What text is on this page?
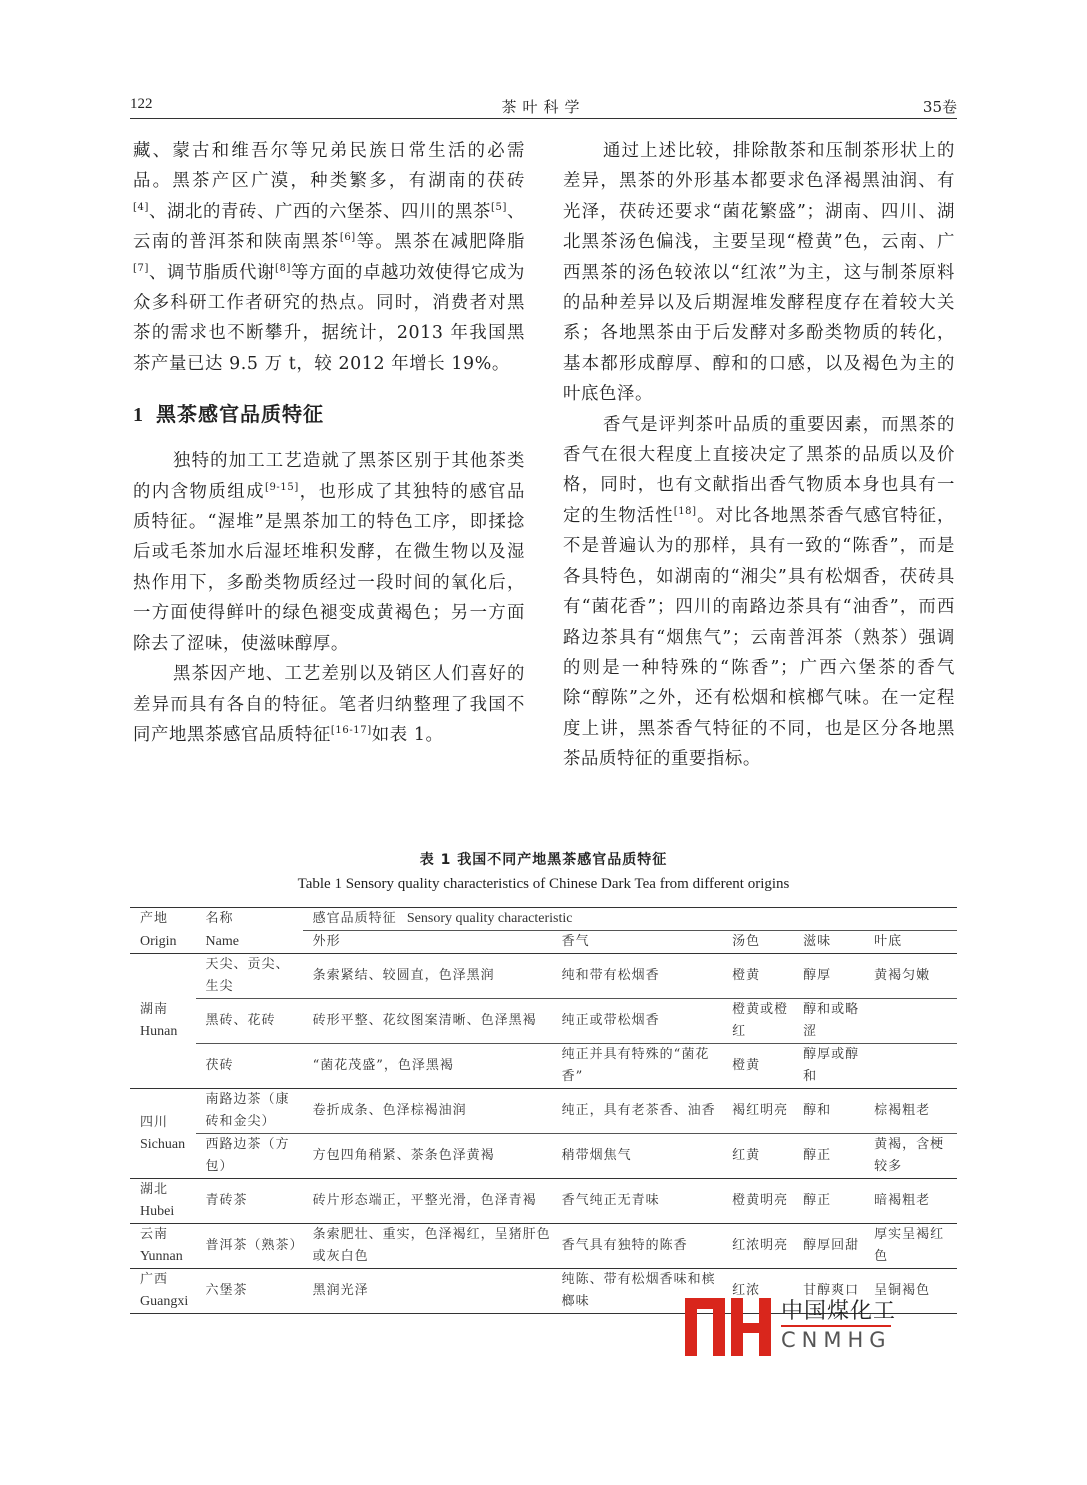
122	茶叶科学	35卷

藏、蒙古和维吾尔等兄弟民族日常生活的必需品。黑茶产区广漠，种类繁多，有湖南的茯砖[4]、湖北的青砖、广西的六堡茶、四川的黑茶[5]、云南的普洱茶和陕南黑茶[6]等。黑茶在减肥降脂[7]、调节脂质代谢[8]等方面的卓越功效使得它成为众多科研工作者研究的热点。同时，消费者对黑茶的需求也不断攀升，据统计，2013 年我国黑茶产量已达 9.5 万 t，较 2012 年增长 19%。

1 黑茶感官品质特征

独特的加工工艺造就了黑茶区别于其他茶类的内含物质组成[9-15]，也形成了其独特的感官品质特征。“渥堆”是黑茶加工的特色工序，即揉捻后或毛茶加水后湿坯堆积发酵，在微生物以及湿热作用下，多酚类物质经过一段时间的氧化后，一方面使得鲜叶的绿色褪变成黄褐色；另一方面除去了涩味，使滋味醇厚。

黑茶因产地、工艺差别以及销区人们喜好的差异而具有各自的特征。笔者归纳整理了我国不同产地黑茶感官品质特征[16-17]如表 1。

通过上述比较，排除散茶和压制茶形状上的差异，黑茶的外形基本都要求色泽褐黑油润、有光泽，茯砖还要求“菌花繁盛”；湖南、四川、湖北黑茶汤色偏浅，主要呈现“橙黄”色，云南、广西黑茶的汤色较浓以“红浓”为主，这与制茶原料的品种差异以及后期渥堆发酵程度存在着较大关系；各地黑茶由于后发酵对多酚类物质的转化，基本都形成醇厚、醇和的口感，以及褐色为主的叶底色泽。

香气是评判茶叶品质的重要因素，而黑茶的香气在很大程度上直接决定了黑茶的品质以及价格，同时，也有文献指出香气物质本身也具有一定的生物活性[18]。对比各地黑茶香气感官特征，不是普遍认为的那样，具有一致的“陈香”，而是各具特色，如湖南的“湘尖”具有松烟香，茯砖具有“菌花香”；四川的南路边茶具有“油香”，而西路边茶具有“烟焦气”；云南普洱茶（熟茶）强调的则是一种特殊的“陈香”；广西六堡茶的香气除“醇陈”之外，还有松烟和槟榔气味。在一定程度上讲，黑茶香气特征的不同，也是区分各地黑茶品质特征的重要指标。

表 1 我国不同产地黑茶感官品质特征
Table 1 Sensory quality characteristics of Chinese Dark Tea from different origins
产地	名称	感官品质特征 Sensory quality characteristic				
Origin	Name	外形	香气	汤色	滋味	叶底

湖南
Hunan	天尖、贡尖、生尖	条索紧结、较圆直，色泽黑润	纯和带有松烟香	橙黄	醇厚	黄褐匀嫩
	黑砖、花砖	砖形平整、花纹图案清晰、色泽黑褐	纯正或带松烟香	橙黄或橙红	醇和或略涩	
	茯砖	“菌花茂盛”，色泽黑褐	纯正并具有特殊的“菌花香”	橙黄	醇厚或醇和	

四川
Sichuan	南路边茶（康砖和金尖）	卷折成条、色泽棕褐油润	纯正，具有老茶香、油香	褐红明亮	醇和	棕褐粗老
	西路边茶（方包）	方包四角稍紧、茶条色泽黄褐	稍带烟焦气	红黄	醇正	黄褐，含梗较多

湖北
Hubei	青砖茶	砖片形态端正，平整光滑，色泽青褐	香气纯正无青味	橙黄明亮	醇正	暗褐粗老

云南
Yunnan	普洱茶（熟茶）	条索肥壮、重实，色泽褐红，呈猪肝色或灰白色	香气具有独特的陈香	红浓明亮	醇厚回甜	厚实呈褐红色

广西
Guangxi	六堡茶	黑润光泽	纯陈、带有松烟香味和槟榔味	红浓	甘醇爽口	呈铜褐色
中国煤化工
CNMHG
